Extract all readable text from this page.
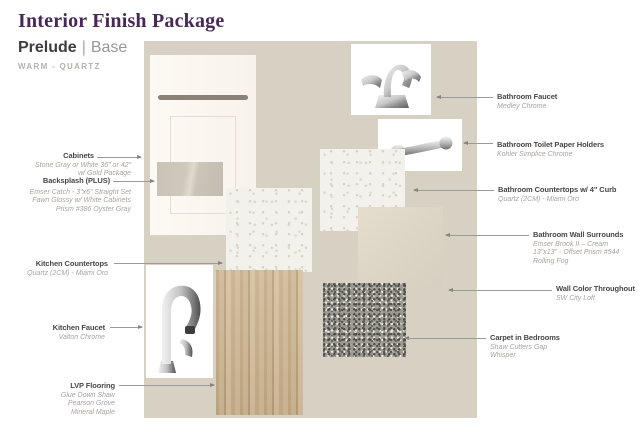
Interior Finish Package
Prelude | Base
WARM - QUARTZ
Cabinets
Stone Gray or White 36" or 42"
w/ Gold Package
Backsplash (PLUS)
Emser Catch - 3"x6" Straight Set
Fawn Glossy w/ White Cabinets
Prism #386 Oyster Gray
Kitchen Countertops
Quartz (2CM) - Miami Oro
Kitchen Faucet
Valton Chrome
LVP Flooring
Glue Down Shaw
Pearson Grove
Mineral Maple
Bathroom Faucet
Medley Chrome
Bathroom Toilet Paper Holders
Kohler Simplice Chrome
Bathroom Countertops w/ 4" Curb
Quartz (2CM) - Miami Oro
Bathroom Wall Surrounds
Emser Brook II – Cream
13"x13" - Offset Prism #544
Rolling Fog
Wall Color Throughout
SW City Loft
Carpet in Bedrooms
Shaw Cutters Gap
Whisper
